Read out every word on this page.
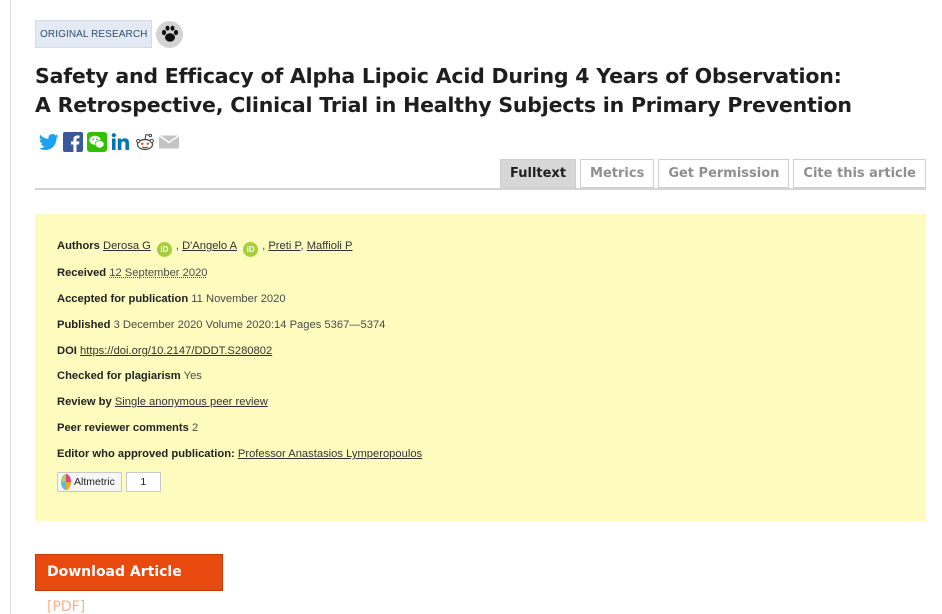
ORIGINAL RESEARCH
Safety and Efficacy of Alpha Lipoic Acid During 4 Years of Observation: A Retrospective, Clinical Trial in Healthy Subjects in Primary Prevention
Fulltext	Metrics	Get Permission	Cite this article
Authors Derosa G iD , D'Angelo A iD , Preti P, Maffioli P
Received 12 September 2020
Accepted for publication 11 November 2020
Published 3 December 2020 Volume 2020:14 Pages 5367—5374
DOI https://doi.org/10.2147/DDDT.S280802
Checked for plagiarism Yes
Review by Single anonymous peer review
Peer reviewer comments 2
Editor who approved publication: Professor Anastasios Lymperopoulos
Altmetric	1
Download Article [PDF]
